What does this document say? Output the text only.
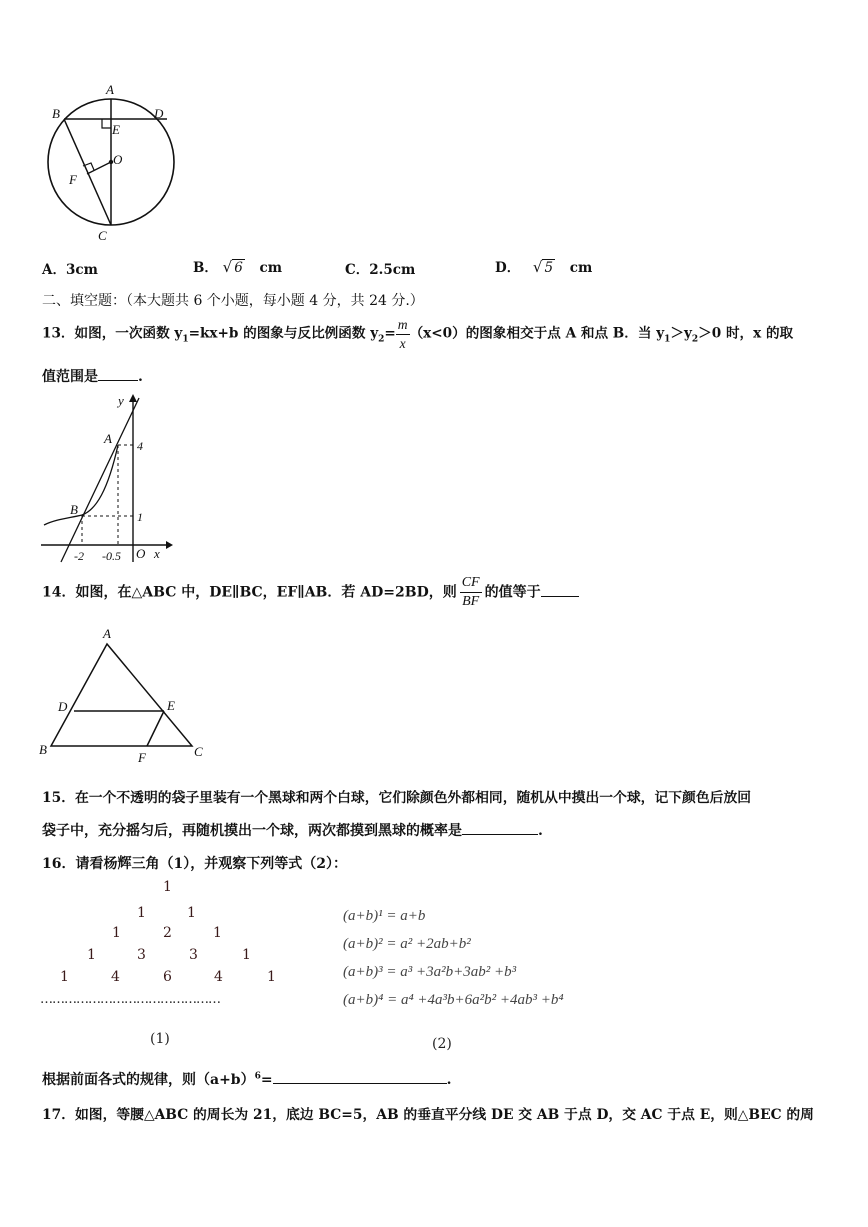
A
B	D
E
O
F
C
A．3cm	B． √ 6 cm	C．2.5cm	D． √ 5 cm
二、填空题：（本大题共 6 个小题，每小题 4 分，共 24 分.）
13．如图，一次函数 $y_1=kx+b$ 的图象与反比例函数 $y_2= \frac{m}{x} (x<0)$的图象相交于点 A 和点 B．当 $y_1>y_2>0$ 时，x 的取
值范围是	.
y
x
A
B
4
1
-2 -0.5 O
14．如图，在△ABC 中，DE∥BC，EF∥AB．若 AD=2BD，则 $\frac{CF}{BF}$ 的值等于
A
D	E
B
F	C
15．在一个不透明的袋子里装有一个黑球和两个白球，它们除颜色外都相同，随机从中摸出一个球，记下颜色后放回
袋子中，充分摇匀后，再随机摸出一个球，两次都摸到黑球的概率是	.
16．请看杨辉三角（1），并观察下列等式（2）：
1
1	1
1	2	1
1	3	3	1
1	4	6	4	1
………………………………………
(1)
(a+b)¹ = a+b
(a+b)² = a² +2ab+b²
(a+b)³ = a³ +3a²b+3ab² +b³
(a+b)⁴ = a⁴ +4a³b+6a²b² +4ab³ +b⁴
(2)
根据前面各式的规律，则$(a+b)^6=$	.
17．如图，等腰△ABC 的周长为 21，底边 BC=5，AB 的垂直平分线 DE 交 AB 于点 D，交 AC 于点 E，则△BEC 的周
